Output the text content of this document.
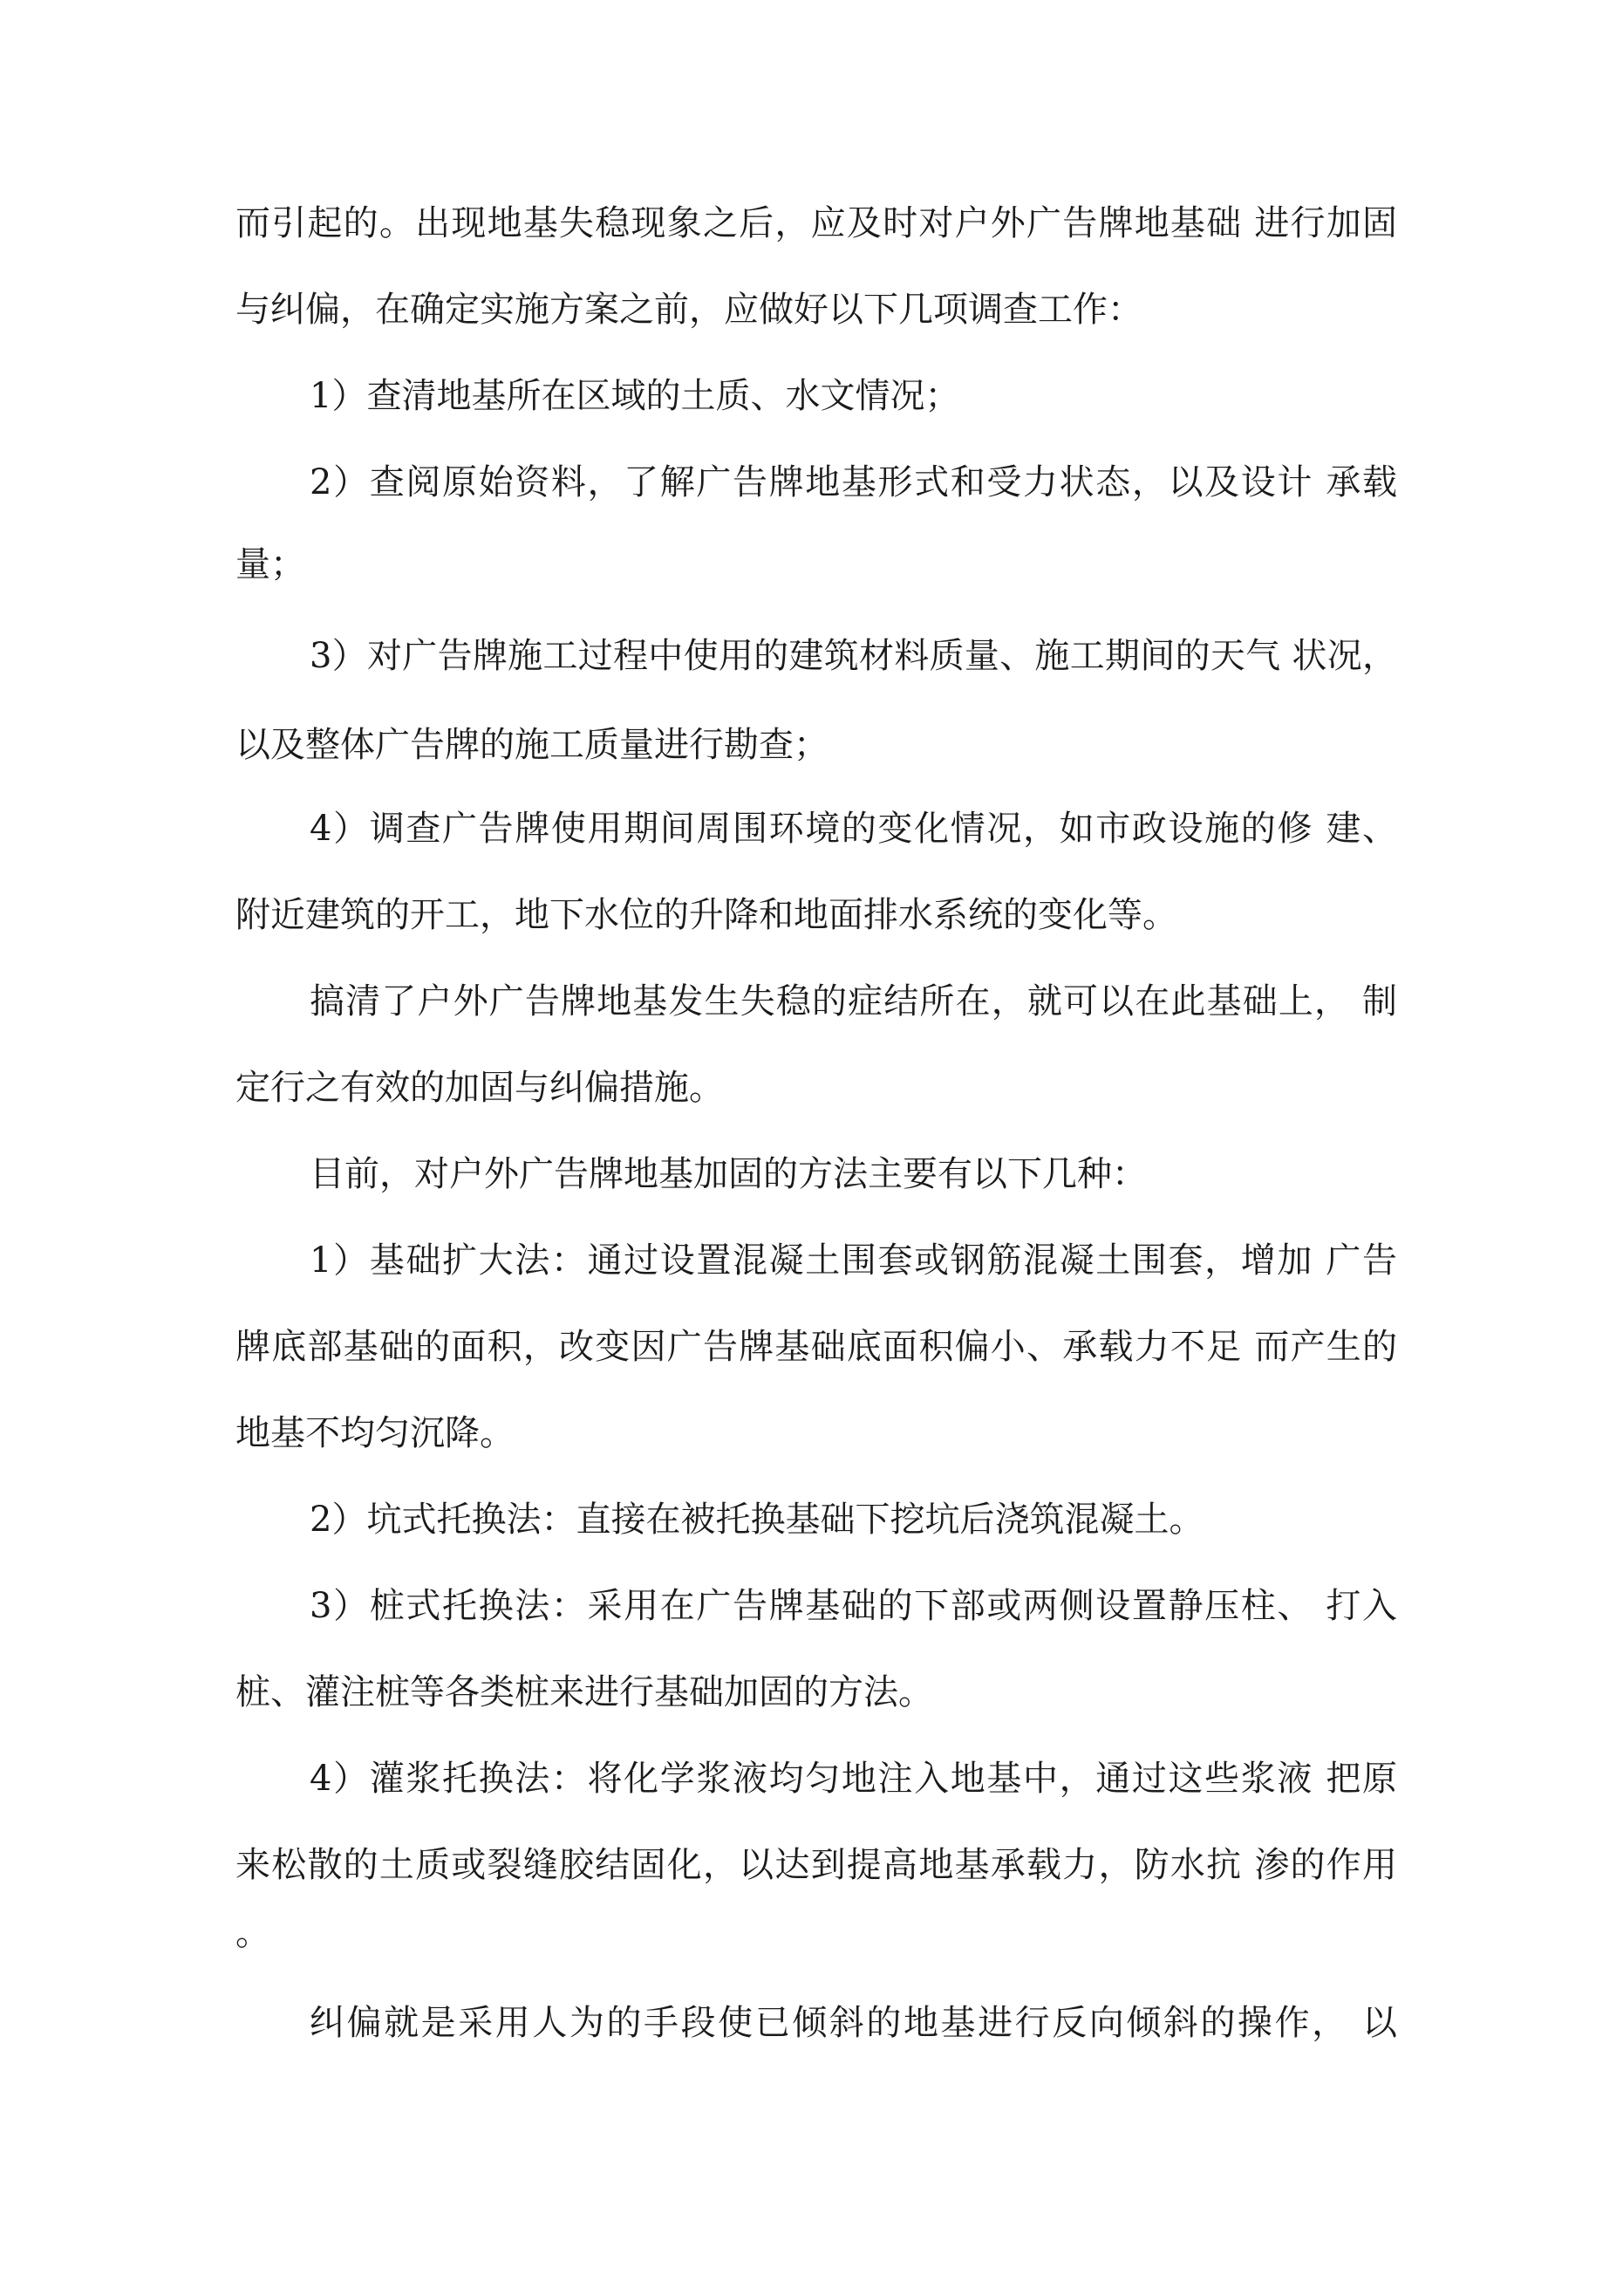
而引起的。出现地基失稳现象之后，应及时对户外广告牌地基础 进行加固
与纠偏，在确定实施方案之前，应做好以下几项调查工作：
1）查清地基所在区域的土质、水文情况；
2）查阅原始资料，了解广告牌地基形式和受力状态，以及设计 承载
量；
3）对广告牌施工过程中使用的建筑材料质量、施工期间的天气 状况，
以及整体广告牌的施工质量进行勘查；
4）调查广告牌使用期间周围环境的变化情况，如市政设施的修 建、
附近建筑的开工，地下水位的升降和地面排水系统的变化等。
搞清了户外广告牌地基发生失稳的症结所在，就可以在此基础上， 制
定行之有效的加固与纠偏措施。
目前，对户外广告牌地基加固的方法主要有以下几种：
1）基础扩大法：通过设置混凝土围套或钢筋混凝土围套，增加 广告
牌底部基础的面积，改变因广告牌基础底面积偏小、承载力不足 而产生的
地基不均匀沉降。
2）坑式托换法：直接在被托换基础下挖坑后浇筑混凝土。
3）桩式托换法：采用在广告牌基础的下部或两侧设置静压柱、 打入
桩、灌注桩等各类桩来进行基础加固的方法。
4）灌浆托换法：将化学浆液均匀地注入地基中，通过这些浆液 把原
来松散的土质或裂缝胶结固化，以达到提高地基承载力，防水抗 渗的作用
。
纠偏就是采用人为的手段使已倾斜的地基进行反向倾斜的操作， 以
